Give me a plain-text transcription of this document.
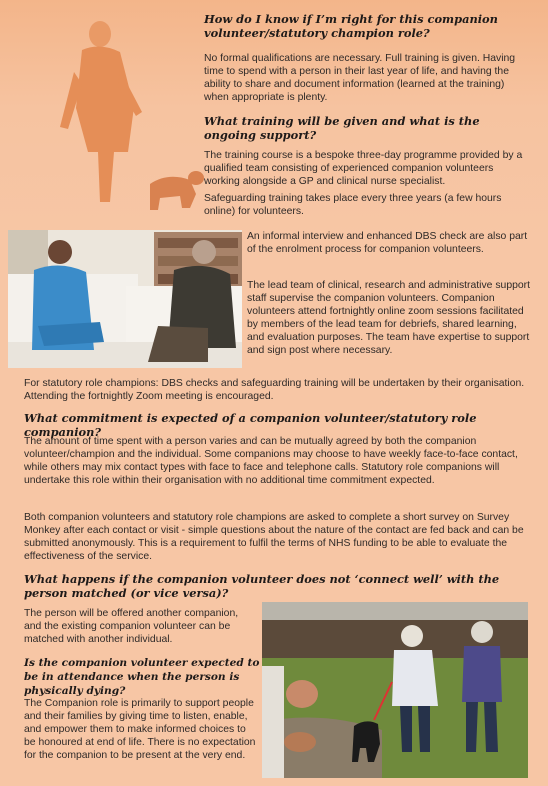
How do I know if I’m right for this companion volunteer/statutory champion role?

No formal qualifications are necessary. Full training is given. Having time to spend with a person in their last year of life, and having the ability to share and document information (learned at the training) when appropriate is plenty.

What training will be given and what is the ongoing support?

The training course is a bespoke three-day programme provided by a qualified team consisting of experienced companion volunteers working alongside a GP and clinical nurse specialist.

Safeguarding training takes place every three years (a few hours online) for volunteers.

An informal interview and enhanced DBS check are also part of the enrolment process for companion volunteers.

The lead team of clinical, research and administrative support staff supervise the companion volunteers. Companion volunteers attend fortnightly online zoom sessions facilitated by members of the lead team for debriefs, shared learning, and evaluation purposes. The team have expertise to support and sign post where necessary.

For statutory role champions: DBS checks and safeguarding training will be undertaken by their organisation. Attending the fortnightly Zoom meeting is encouraged.

What commitment is expected of a companion volunteer/statutory role companion?

The amount of time spent with a person varies and can be mutually agreed by both the companion volunteer/champion and the individual. Some companions may choose to have weekly face-to-face contact, while others may mix contact types with face to face and telephone calls. Statutory role companions will undertake this role within their organisation with no additional time commitment expected.

Both companion volunteers and statutory role champions are asked to complete a short survey on Survey Monkey after each contact or visit - simple questions about the nature of the contact are fed back and can be submitted anonymously. This is a requirement to fulfil the terms of NHS funding to be able to evaluate the effectiveness of the service.

What happens if the companion volunteer does not ‘connect well’ with the person matched (or vice versa)?

The person will be offered another companion, and the existing companion volunteer can be matched with another individual.

Is the companion volunteer expected to be in attendance when the person is physically dying?

The Companion role is primarily to support people and their families by giving time to listen, enable, and empower them to make informed choices to be honoured at end of life. There is no expectation for the companion to be present at the very end.
